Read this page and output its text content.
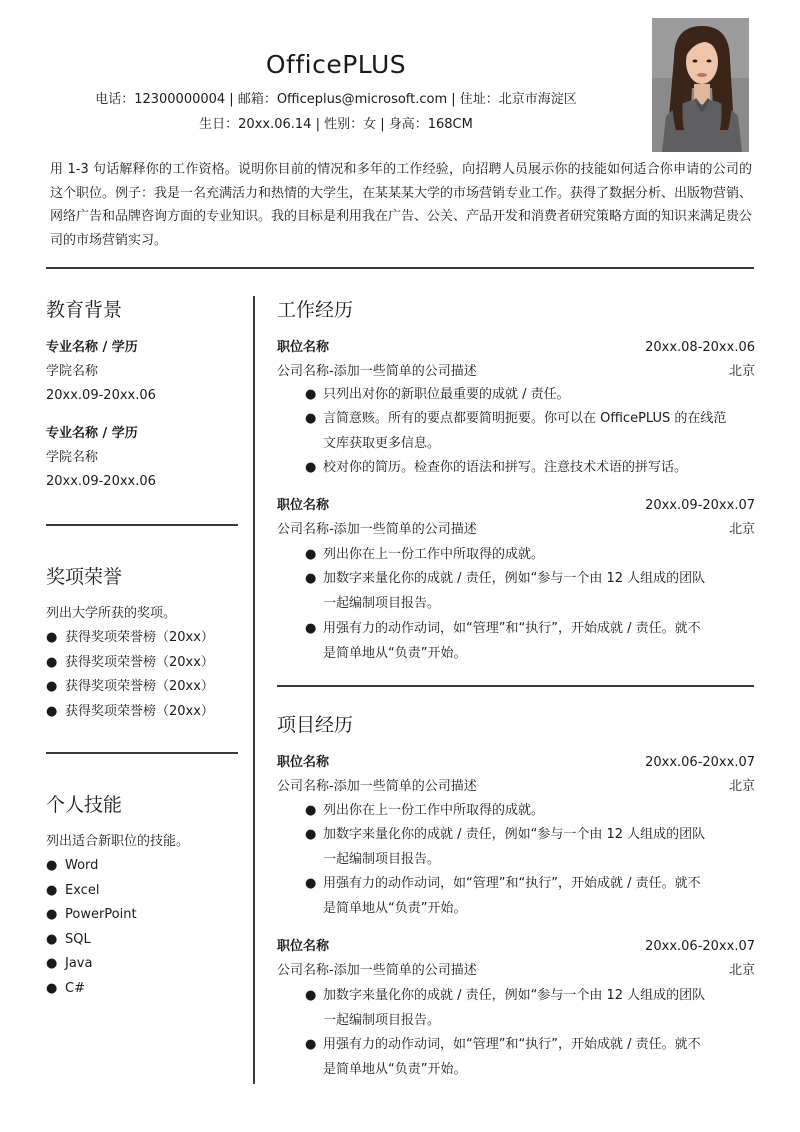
OfficePLUS
电话：12300000004 | 邮箱：Officeplus@microsoft.com | 住址：北京市海淀区
生日：20xx.06.14 | 性别：女 | 身高：168CM
用 1-3 句话解释你的工作资格。说明你目前的情况和多年的工作经验，向招聘人员展示你的技能如何适合你申请的公司的这个职位。例子：我是一名充满活力和热情的大学生，在某某某大学的市场营销专业工作。获得了数据分析、出版物营销、网络广告和品牌咨询方面的专业知识。我的目标是利用我在广告、公关、产品开发和消费者研究策略方面的知识来满足贵公司的市场营销实习。
教育背景
专业名称 / 学历
学院名称
20xx.09-20xx.06
专业名称 / 学历
学院名称
20xx.09-20xx.06
奖项荣誉
列出大学所获的奖项。
● 获得奖项荣誉榜（20xx）
● 获得奖项荣誉榜（20xx）
● 获得奖项荣誉榜（20xx）
● 获得奖项荣誉榜（20xx）
个人技能
列出适合新职位的技能。
● Word
● Excel
● PowerPoint
● SQL
● Java
● C#
工作经历
职位名称	20xx.08-20xx.06
公司名称-添加一些简单的公司描述	北京
● 只列出对你的新职位最重要的成就 / 责任。
● 言简意赅。所有的要点都要简明扼要。你可以在 OfficePLUS 的在线范
文库获取更多信息。
● 校对你的简历。检查你的语法和拼写。注意技术术语的拼写话。
职位名称	20xx.09-20xx.07
公司名称-添加一些简单的公司描述	北京
● 列出你在上一份工作中所取得的成就。
● 加数字来量化你的成就 / 责任，例如“参与一个由 12 人组成的团队
一起编制项目报告。
● 用强有力的动作动词，如“管理”和“执行”，开始成就 / 责任。就不
是简单地从“负责”开始。
项目经历
职位名称	20xx.06-20xx.07
公司名称-添加一些简单的公司描述	北京
● 列出你在上一份工作中所取得的成就。
● 加数字来量化你的成就 / 责任，例如“参与一个由 12 人组成的团队
一起编制项目报告。
● 用强有力的动作动词，如“管理”和“执行”，开始成就 / 责任。就不
是简单地从“负责”开始。
职位名称	20xx.06-20xx.07
公司名称-添加一些简单的公司描述	北京
● 加数字来量化你的成就 / 责任，例如“参与一个由 12 人组成的团队
一起编制项目报告。
● 用强有力的动作动词，如“管理”和“执行”，开始成就 / 责任。就不
是简单地从“负责”开始。
